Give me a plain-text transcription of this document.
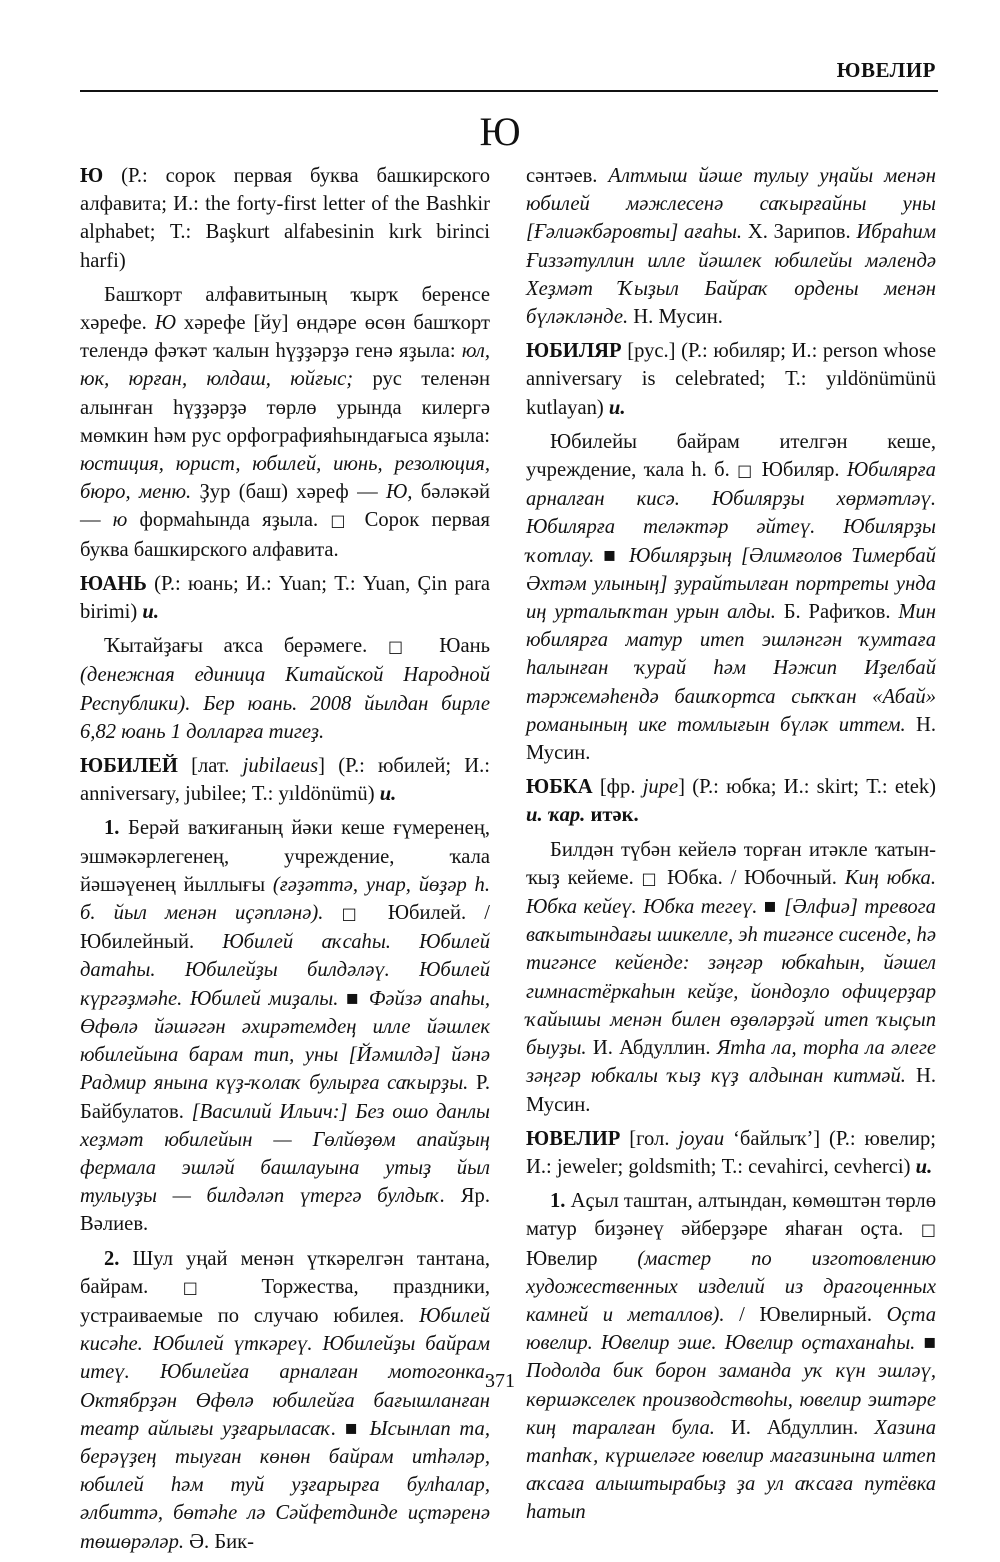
ЮВЕЛИР
Ю

Ю (Р.: сорок первая буква башкирского алфавита; И.: the forty-first letter of the Bashkir alphabet; Т.: Başkurt alfabesinin kırk birinci harfi)

Башҡорт алфавитының ҡырҡ беренсе хәрефе. Ю хәрефе [йу] өндәре өсөн башҡорт телендә фәҡәт ҡалын һүҙҙәрҙә генә яҙыла: юл, юк, юрған, юлдаш, юйғыс; рус теленән алынған һүҙҙәрҙә төрлө урында килергә мөмкин һәм рус орфографияһындағыса яҙыла: юстиция, юрист, юбилей, июнь, резолюция, бюро, меню. Ҙур (баш) хәреф — Ю, бәләкәй — ю формаһында яҙыла. □ Сорок первая буква башкирского алфавита.

ЮАНЬ (Р.: юань; И.: Yuan; Т.: Yuan, Çin para birimi) и.

Ҡытайҙағы аҡса берәмеге. □ Юань (денежная единица Китайской Народной Республики). Бер юань. 2008 йылдан бирле 6,82 юань 1 долларға тигеҙ.

ЮБИЛЕЙ [лат. jubilaeus] (Р.: юбилей; И.: anniversary, jubilee; Т.: yıldönümü) и.

1. Берәй ваҡиғаның йәки кеше ғүмеренең, эшмәкәрлегенең, учреждение, ҡала йәшәүенең йыллығы (ғәҙәттә, унар, йөҙәр һ. б. йыл менән иҫәпләнә). □ Юбилей. / Юбилейный. Юбилей аҡсаһы. Юбилей датаһы. Юбилейҙы билдәләү. Юбилей күргәҙмәһе. Юбилей миҙалы. ■ Фәйзә апаһы, Өфөлә йәшәгән әхирәтемдең илле йәшлек юбилейына барам тип, уны [Йәмилдә] йәнә Радмир янына күҙ-ҡолаҡ булырға саҡырҙы. Р. Байбулатов. [Василий Ильич:] Без ошо данлы хеҙмәт юбилейын — Гөлйөҙөм апайҙың фермала эшләй башлауына утыҙ йыл тулыуҙы — билдәләп үтергә булдыҡ. Яр. Вәлиев.

2. Шул уңай менән үткәрелгән тантана, байрам. □ Торжества, праздники, устраиваемые по случаю юбилея. Юбилей кисәһе. Юбилей үткәреү. Юбилейҙы байрам итеү. Юбилейға арналған мотогонка. Октябрҙән Өфөлә юбилейға бағышланған театр айлығы уҙғарыласаҡ. ■ Ысынлап та, берәүҙең тыуған көнөн байрам итһәләр, юбилей һәм туй уҙғарырға булһалар, әлбиттә, бөтәһе лә Сәйфетдинде иҫтәренә төшөрәләр. Ә. Бик-

сәнтәев. Алтмыш йәше тулыу уңайы менән юбилей мәжлесенә саҡырғайны уны [Ғәлиәкбәровты] ағаһы. Х. Зарипов. Ибраһим Ғиззәтуллин илле йәшлек юбилейы мәлендә Хеҙмәт Ҡыҙыл Байраҡ ордены менән бүләкләнде. Н. Мусин.

ЮБИЛЯР [рус.] (Р.: юбиляр; И.: person whose anniversary is celebrated; Т.: yıldönümünü kutlayan) и.

Юбилейы байрам ителгән кеше, учреждение, ҡала һ. б. □ Юбиляр. Юбилярға арналған кисә. Юбилярҙы хөрмәтләү. Юбилярға теләктәр әйтеү. Юбилярҙы ҡотлау. ■ Юбилярҙың [Әлимғолов Тимербай Әхтәм улының] ҙурайтылған портреты унда иң урталыҡтан урын алды. Б. Рафиҡов. Мин юбилярға матур итеп эшләнгән ҡумтаға һалынған ҡурай һәм Нәжип Иҙелбай тәржемәһендә башҡортса сыҡҡан «Абай» романының ике томлығын бүләк иттем. Н. Мусин.

ЮБКА [фр. jupe] (Р.: юбка; И.: skirt; Т.: etek) и. ҡар. итәк.

Билдән түбән кейелә торған итәкле ҡатын-ҡыҙ кейеме. □ Юбка. / Юбочный. Киң юбка. Юбка кейеү. Юбка тегеү. ■ [Әлфиә] тревога ваҡытындағы шикелле, эһ тигәнсе сисенде, һә тигәнсе кейенде: зәңгәр юбкаһын, йәшел гимнастёркаһын кейҙе, йондоҙло офицерҙар ҡайышы менән билен өҙөләрҙәй итеп ҡыҫып быуҙы. И. Абдуллин. Ятһа ла, торһа ла әлеге зәңгәр юбкалы ҡыҙ күҙ алдынан китмәй. Н. Мусин.

ЮВЕЛИР [гол. joyau ‘байлыҡ’] (Р.: ювелир; И.: jeweler; goldsmith; Т.: cevahirci, cevherci) и.

1. Аҫыл таштан, алтындан, көмөштән төрлө матур биҙәнеү әйберҙәре яһаған оҫта. □ Ювелир (мастер по изготовлению художественных изделий из драгоценных камней и металлов). / Ювелирный. Оҫта ювелир. Ювелир эше. Ювелир оҫтаханаһы. ■ Подолда бик борон заманда уҡ күн эшләү, көршәкселек производствоһы, ювелир эштәре киң таралған була. И. Абдуллин. Хазина тапһаҡ, күршеләге ювелир магазинына илтеп аҡсаға алыштырабыҙ ҙа ул аҡсаға путёвка һатып

371
